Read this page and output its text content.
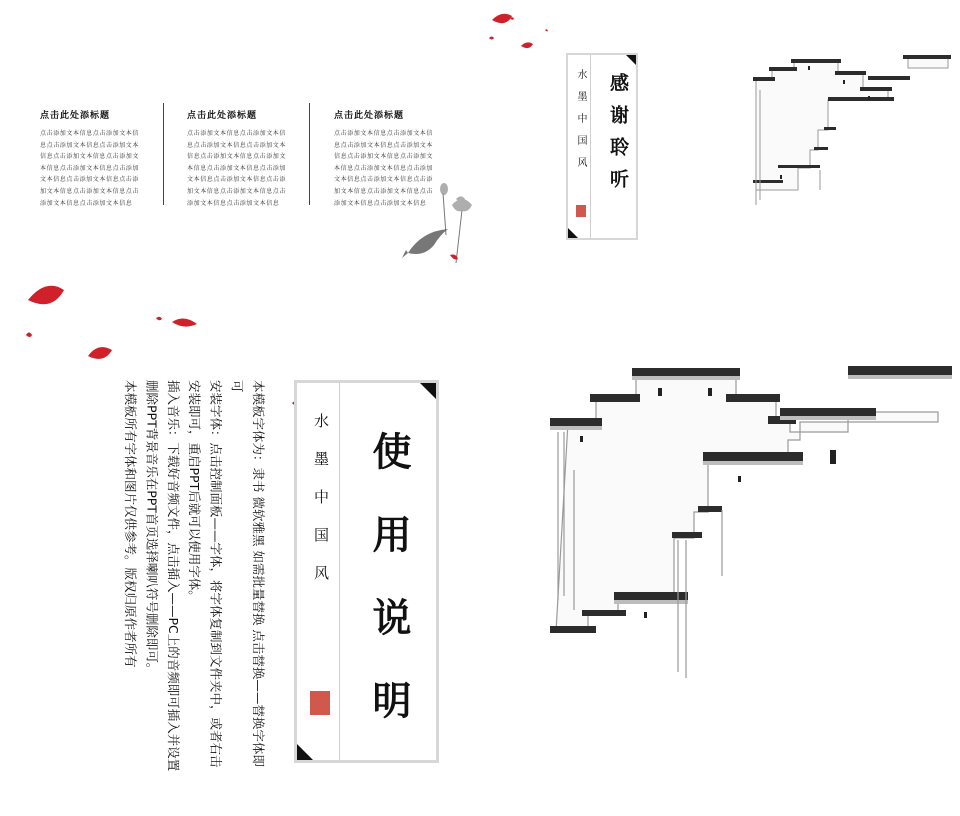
点击此处添标题
点击添加文本信息点击添加文本信息点击添加文本信息点击添加文本信息点击添加文本信息点击添加文本信息点击添加文本信息点击添加文本信息点击添加文本信息点击添加文本信息点击添加文本信息点击添加文本信息点击添加文本信息
点击此处添标题
点击添加文本信息点击添加文本信息点击添加文本信息点击添加文本信息点击添加文本信息点击添加文本信息点击添加文本信息点击添加文本信息点击添加文本信息点击添加文本信息点击添加文本信息点击添加文本信息点击添加文本信息
点击此处添标题
点击添加文本信息点击添加文本信息点击添加文本信息点击添加文本信息点击添加文本信息点击添加文本信息点击添加文本信息点击添加文本信息点击添加文本信息点击添加文本信息点击添加文本信息点击添加文本信息点击添加文本信息
水墨中国风	感谢聆听
水墨中国风 使用说明

本模板字体为：隶书 微软雅黑 如需批量替换 点击替换——替换字体即可

安装字体：点击控制面板——字体，将字体复制到文件夹中，或者右击安装即可，重启PPT后就可以使用字体。

插入音乐：下载好音频文件，点击插入——PC上的音频即可插入并设置

删除PPT背景音乐在PPT首页选择喇叭符号删除即可。

本模板所有字体和图片仅供参考。版权归原作者所有
